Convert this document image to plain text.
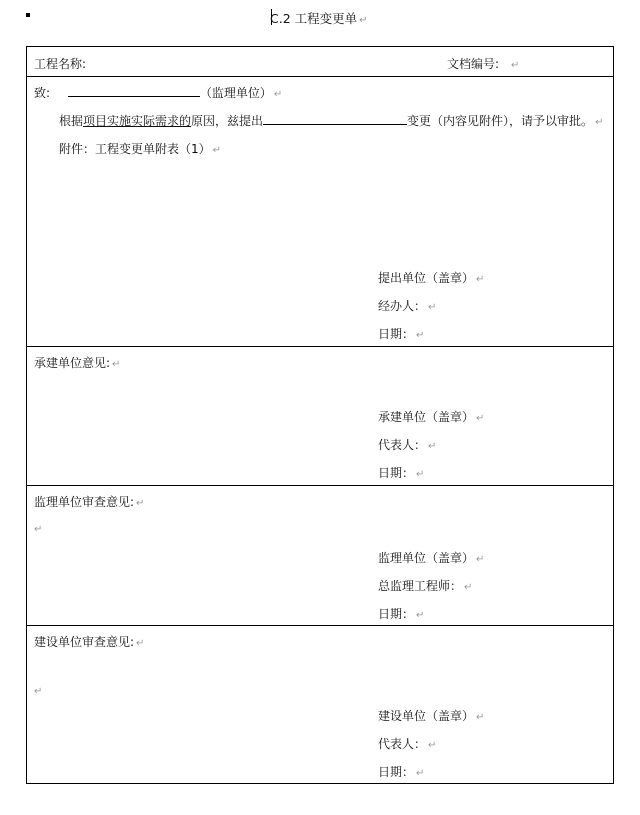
C.2 工程变更单 ↵
工程名称:	文档编号: ↵
致:	（监理单位） ↵
根据项目实施实际需求的原因，兹提出	变更（内容见附件），请予以审批。 ↵
附件：工程变更单附表（1） ↵
提出单位（盖章） ↵
经办人： ↵
日期： ↵
承建单位意见: ↵
承建单位（盖章） ↵
代表人： ↵
日期： ↵
监理单位审查意见: ↵
↵
监理单位（盖章） ↵
总监理工程师： ↵
日期： ↵
建设单位审查意见: ↵
↵
建设单位（盖章） ↵
代表人： ↵
日期： ↵
